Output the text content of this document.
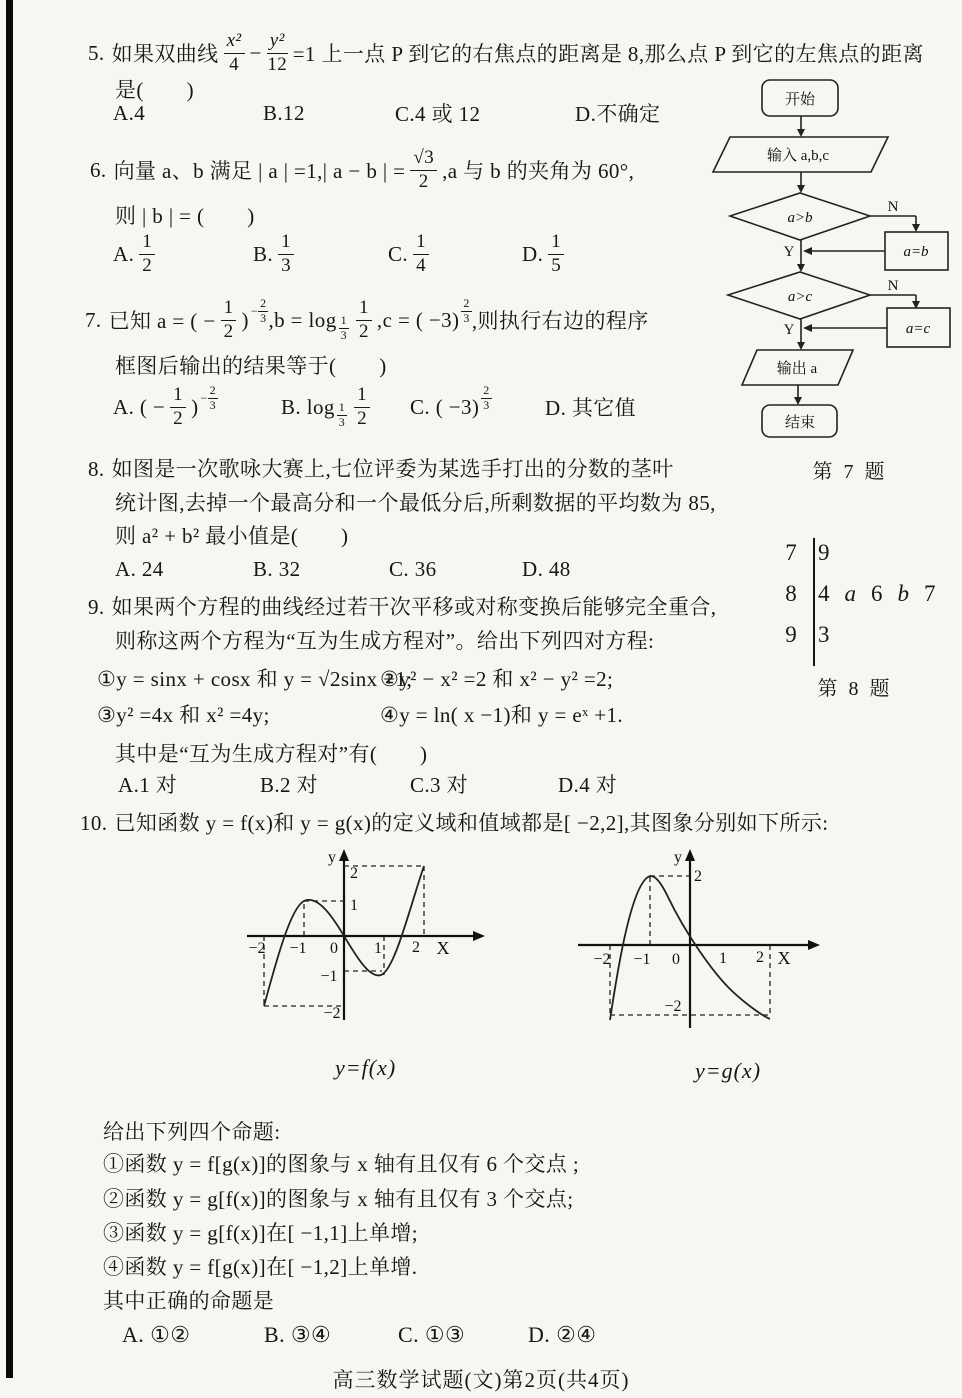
5. 如果双曲线 $\frac{\text{x²}}{4} - \frac{\text{y²}}{12} =1$ 上一点 P 到它的右焦点的距离是 8,那么点 P 到它的左焦点的距离
是(　　)
A.4	B.12	C.4 或 12	D.不确定
6. 向量 a、b 满足 | a | =1,| a − b | = $\frac{√3}{2} ,a$ 与 b 的夹角为 60°,
则 | b | = (　　)
A. $\frac{1}{2}$	B. $\frac{1}{3}$	C. $\frac{1}{4}$	D. $\frac{1}{5}$
7. 已知 a = ( − $\frac{1}{2}$ ) − $\frac{2}{3} ,b = \log 1$
$3 \frac{1}{2} ,c$ = ( −3)
2
3 ,则执行右边的程序
框图后输出的结果等于(　　)
A. ( − $\frac{1}{2}$ ) − $\frac{2}{3}$	B. log 1
$3 \frac{1}{2} C$. ( −3)
2
3	D. 其它值
开始
输入 a,b,c
a>b
N
a=b
Y
a>c
N
a=c
Y
输出 a
结束
第 7 题
8. 如图是一次歌咏大赛上,七位评委为某选手打出的分数的茎叶
统计图,去掉一个最高分和一个最低分后,所剩数据的平均数为 85,
则 a² + b² 最小值是(　　)
A. 24	B. 32	C. 36	D. 48
7 9
8 4 a 6 b 7
9 3
第 8 题
9. 如果两个方程的曲线经过若干次平移或对称变换后能够完全重合,
则称这两个方程为“互为生成方程对”。给出下列四对方程:
①y = sinx + cosx 和 y = √2sinx +1;
②y² − x² =2 和 x² − y² =2;
③y² =4x 和 x² =4y;	④y = ln( x −1)和 y = eˣ +1.
其中是“互为生成方程对”有(　　)
A.1 对	B.2 对	C.3 对	D.4 对
10. 已知函数 y = f(x)和 y = g(x)的定义域和值域都是[ −2,2],其图象分别如下所示:
y
2
1
0
−1
−2
−2 −1	1 2 X
y=f(x)
y
2
−2
−2 −1 0 1 2 X
y=g(x)
给出下列四个命题:
①函数 y = f[g(x)]的图象与 x 轴有且仅有 6 个交点 ;
②函数 y = g[f(x)]的图象与 x 轴有且仅有 3 个交点;
③函数 y = g[f(x)]在[ −1,1]上单增;
④函数 y = f[g(x)]在[ −1,2]上单增.
其中正确的命题是
A. ①②	B. ③④	C. ①③	D. ②④
高三数学试题(文)第2页(共4页)
